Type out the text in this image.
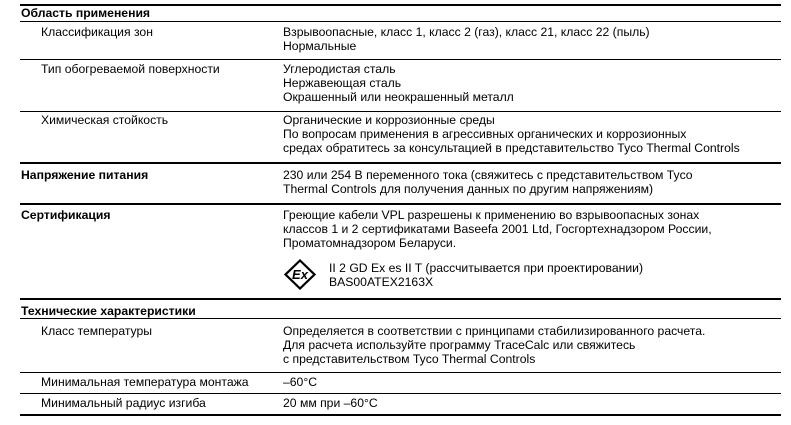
Область применения
Классификация зон	Взрывоопасные, класс 1, класс 2 (газ), класс 21, класс 22 (пыль)
Нормальные
Тип обогреваемой поверхности	Углеродистая сталь
Нержавеющая сталь
Окрашенный или неокрашенный металл
Химическая стойкость	Органические и коррозионные среды
По вопросам применения в агрессивных органических и коррозионных
средах обратитесь за консультацией в представительство Tyco Thermal Controls
Напряжение питания	230 или 254 В переменного тока (свяжитесь с представительством Tyco
Thermal Controls для получения данных по другим напряжениям)
Сертификация	Греющие кабели VPL разрешены к применению во взрывоопасных зонах
классов 1 и 2 сертификатами Baseefa 2001 Ltd, Госгортехнадзором России,
Проматомнадзором Беларуси.
Ex II 2 GD Ex es II T (рассчитывается при проектировании)
BAS00ATEX2163X
Технические характеристики
Класс температуры	Определяется в соответствии с принципами стабилизированного расчета.
Для расчета используйте программу TraceCalc или свяжитесь
с представительством Tyco Thermal Controls
Минимальная температура монтажа	–60°C
Минимальный радиус изгиба	20 мм при –60°C
